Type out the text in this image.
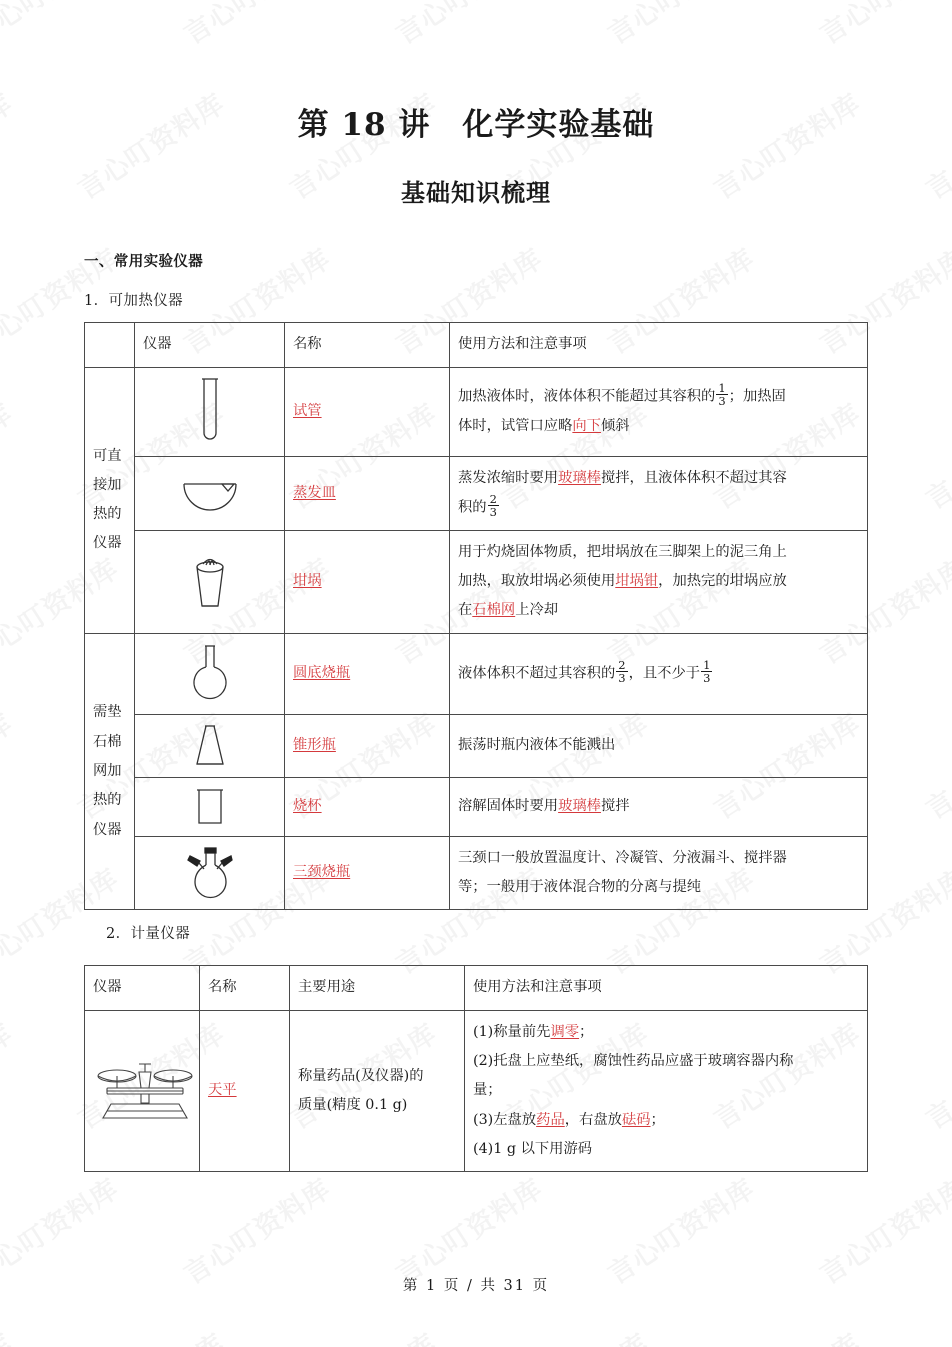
第 18 讲　化学实验基础
基础知识梳理

一、常用实验仪器

1．可加热仪器

	仪器	名称	使用方法和注意事项
可直接加热的仪器		试管	加热液体时，液体体积不能超过其容积的 $\frac{1}{3}$ ；加热固
体时，试管口应略向下倾斜

	蒸发皿	蒸发浓缩时要用玻璃棒搅拌，且液体体积不超过其容
积的 $\frac{2}{3}$

	坩埚	用于灼烧固体物质，把坩埚放在三脚架上的泥三角上
加热，取放坩埚必须使用坩埚钳，加热完的坩埚应放
在石棉网上冷却

需垫石棉网加热的仪器	
	圆底烧瓶	液体体积不超过其容积的 $\frac{2}{3}$ ，且不少于 $\frac{1}{3}$

	锥形瓶	振荡时瓶内液体不能溅出

	烧杯	溶解固体时要用玻璃棒搅拌

	三颈烧瓶	三颈口一般放置温度计、冷凝管、分液漏斗、搅拌器
等；一般用于液体混合物的分离与提纯

2．计量仪器

仪器	名称	主要用途	使用方法和注意事项

	天平	称量药品(及仪器)的
质量(精度 0.1 g)	(1)称量前先调零；
(2)托盘上应垫纸，腐蚀性药品应盛于玻璃容器内称
量；
(3)左盘放药品，右盘放砝码；
(4)1 g 以下用游码
第 1 页 / 共 31 页
